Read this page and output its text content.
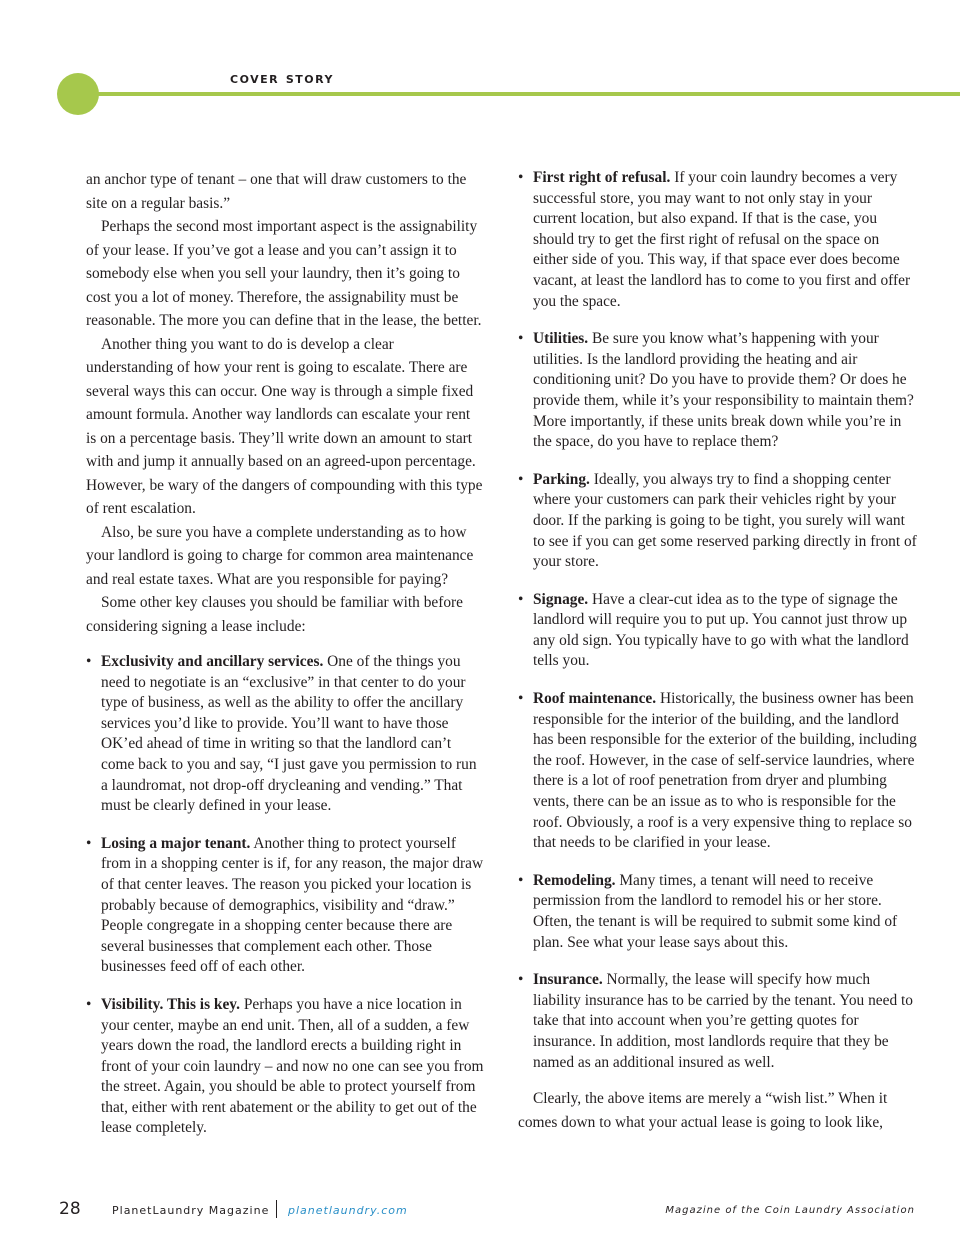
cover story

an anchor type of tenant – one that will draw customers to the site on a regular basis.”

Perhaps the second most important aspect is the assignability of your lease. If you’ve got a lease and you can’t assign it to somebody else when you sell your laundry, then it’s going to cost you a lot of money. Therefore, the assignability must be reasonable. The more you can define that in the lease, the better.

Another thing you want to do is develop a clear understanding of how your rent is going to escalate. There are several ways this can occur. One way is through a simple fixed amount formula. Another way landlords can escalate your rent is on a percentage basis. They’ll write down an amount to start with and jump it annually based on an agreed-upon percentage. However, be wary of the dangers of compounding with this type of rent escalation.

Also, be sure you have a complete understanding as to how your landlord is going to charge for common area maintenance and real estate taxes. What are you responsible for paying?

Some other key clauses you should be familiar with before considering signing a lease include:

• Exclusivity and ancillary services. One of the things you need to negotiate is an “exclusive” in that center to do your type of business, as well as the ability to offer the ancillary services you’d like to provide. You’ll want to have those OK’ed ahead of time in writing so that the landlord can’t come back to you and say, “I just gave you permission to run a laundromat, not drop-off drycleaning and vending.” That must be clearly defined in your lease.
• Losing a major tenant. Another thing to protect yourself from in a shopping center is if, for any reason, the major draw of that center leaves. The reason you picked your location is probably because of demographics, visibility and “draw.” People congregate in a shopping center because there are several businesses that complement each other. Those businesses feed off of each other.
• Visibility. This is key. Perhaps you have a nice location in your center, maybe an end unit. Then, all of a sudden, a few years down the road, the landlord erects a building right in front of your coin laundry – and now no one can see you from the street. Again, you should be able to protect yourself from that, either with rent abatement or the ability to get out of the lease completely.
• First right of refusal. If your coin laundry becomes a very successful store, you may want to not only stay in your current location, but also expand. If that is the case, you should try to get the first right of refusal on the space on either side of you. This way, if that space ever does become vacant, at least the landlord has to come to you first and offer you the space.
• Utilities. Be sure you know what’s happening with your utilities. Is the landlord providing the heating and air conditioning unit? Do you have to provide them? Or does he provide them, while it’s your responsibility to maintain them? More importantly, if these units break down while you’re in the space, do you have to replace them?
• Parking. Ideally, you always try to find a shopping center where your customers can park their vehicles right by your door. If the parking is going to be tight, you surely will want to see if you can get some reserved parking directly in front of your store.
• Signage. Have a clear-cut idea as to the type of signage the landlord will require you to put up. You cannot just throw up any old sign. You typically have to go with what the landlord tells you.
• Roof maintenance. Historically, the business owner has been responsible for the interior of the building, and the landlord has been responsible for the exterior of the building, including the roof. However, in the case of self-service laundries, where there is a lot of roof penetration from dryer and plumbing vents, there can be an issue as to who is responsible for the roof. Obviously, a roof is a very expensive thing to replace so that needs to be clarified in your lease.
• Remodeling. Many times, a tenant will need to receive permission from the landlord to remodel his or her store. Often, the tenant is will be required to submit some kind of plan. See what your lease says about this.
• Insurance. Normally, the lease will specify how much liability insurance has to be carried by the tenant. You need to take that into account when you’re getting quotes for insurance. In addition, most landlords require that they be named as an additional insured as well.

Clearly, the above items are merely a “wish list.” When it comes down to what your actual lease is going to look like,

28	PlanetLaundry Magazine planetlaundry.com	Magazine of the Coin Laundry Association
